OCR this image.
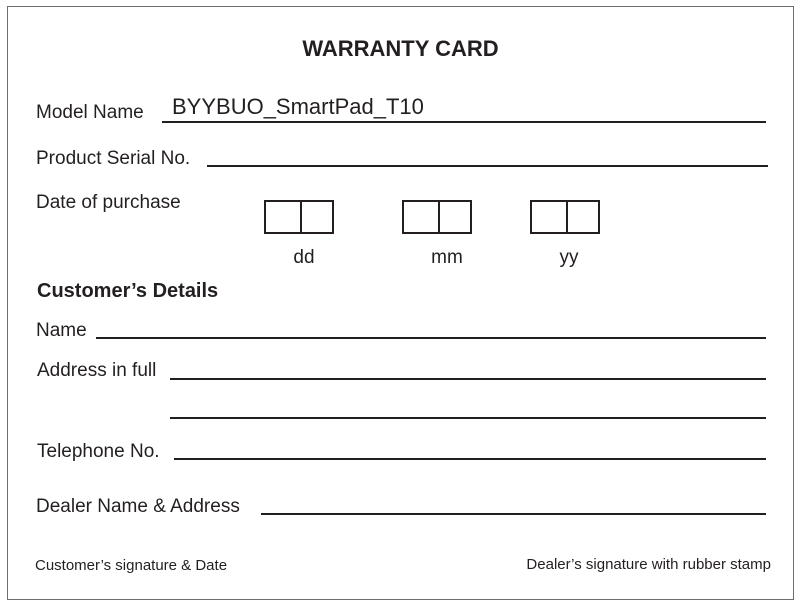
WARRANTY CARD
Model Name BYYBUO_SmartPad_T10
Product Serial No.
Date of purchase
dd	mm	yy
Customer’s Details
Name
Address in full
Telephone No.
Dealer Name & Address
Customer’s signature & Date	Dealer’s signature with rubber stamp
